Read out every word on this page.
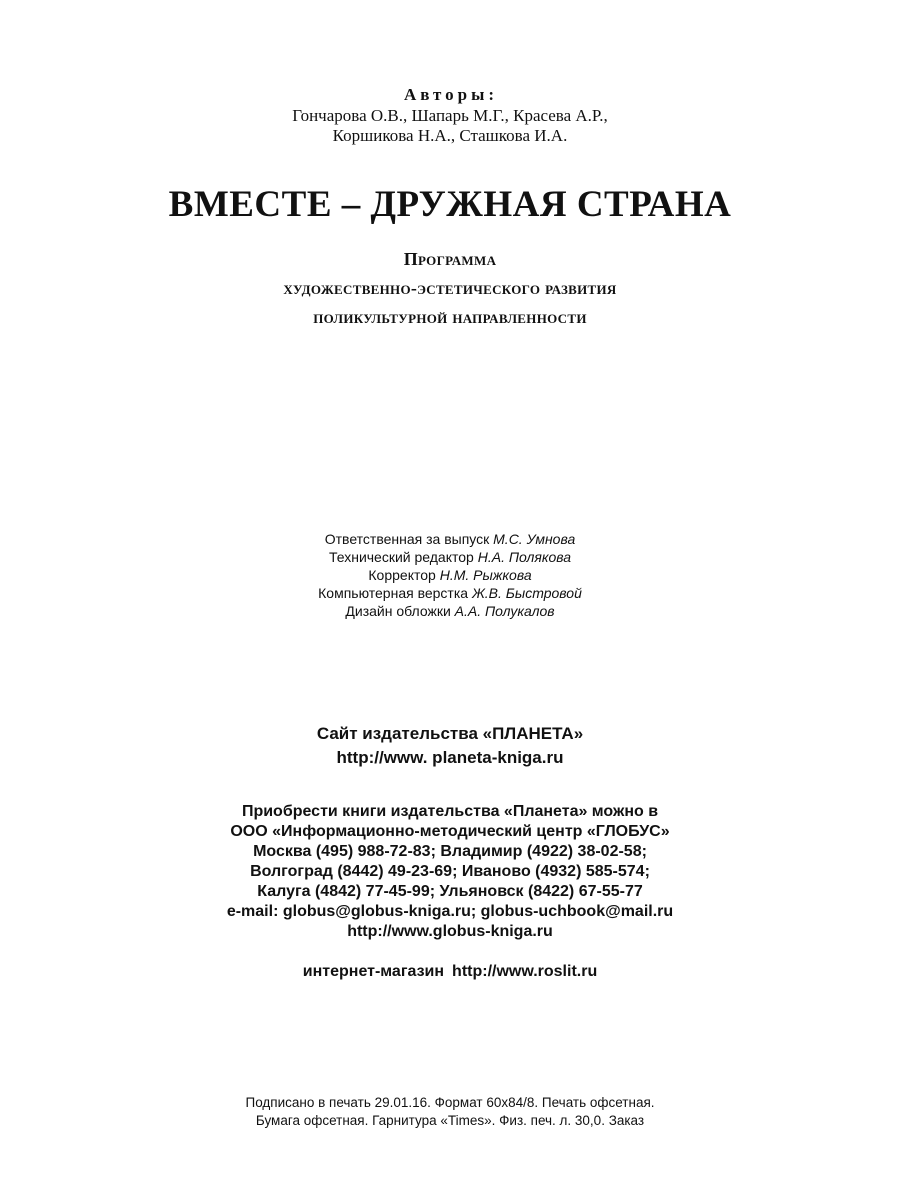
Авторы:
Гончарова О.В., Шапарь М.Г., Красева А.Р.,
Коршикова Н.А., Сташкова И.А.
ВМЕСТЕ – ДРУЖНАЯ СТРАНА
Программа
художественно-эстетического развития
поликультурной направленности
Ответственная за выпуск М.С. Умнова
Технический редактор Н.А. Полякова
Корректор Н.М. Рыжкова
Компьютерная верстка Ж.В. Быстровой
Дизайн обложки А.А. Полукалов
Сайт издательства «ПЛАНЕТА»
http://www. planeta-kniga.ru
Приобрести книги издательства «Планета» можно в
ООО «Информационно-методический центр «ГЛОБУС»
Москва (495) 988-72-83; Владимир (4922) 38-02-58;
Волгоград (8442) 49-23-69; Иваново (4932) 585-574;
Калуга (4842) 77-45-99; Ульяновск (8422) 67-55-77
e-mail: globus@globus-kniga.ru; globus-uchbook@mail.ru
http://www.globus-kniga.ru
интернет-магазин http://www.roslit.ru
Подписано в печать 29.01.16. Формат 60х84/8. Печать офсетная.
Бумага офсетная. Гарнитура «Times». Физ. печ. л. 30,0. Заказ
